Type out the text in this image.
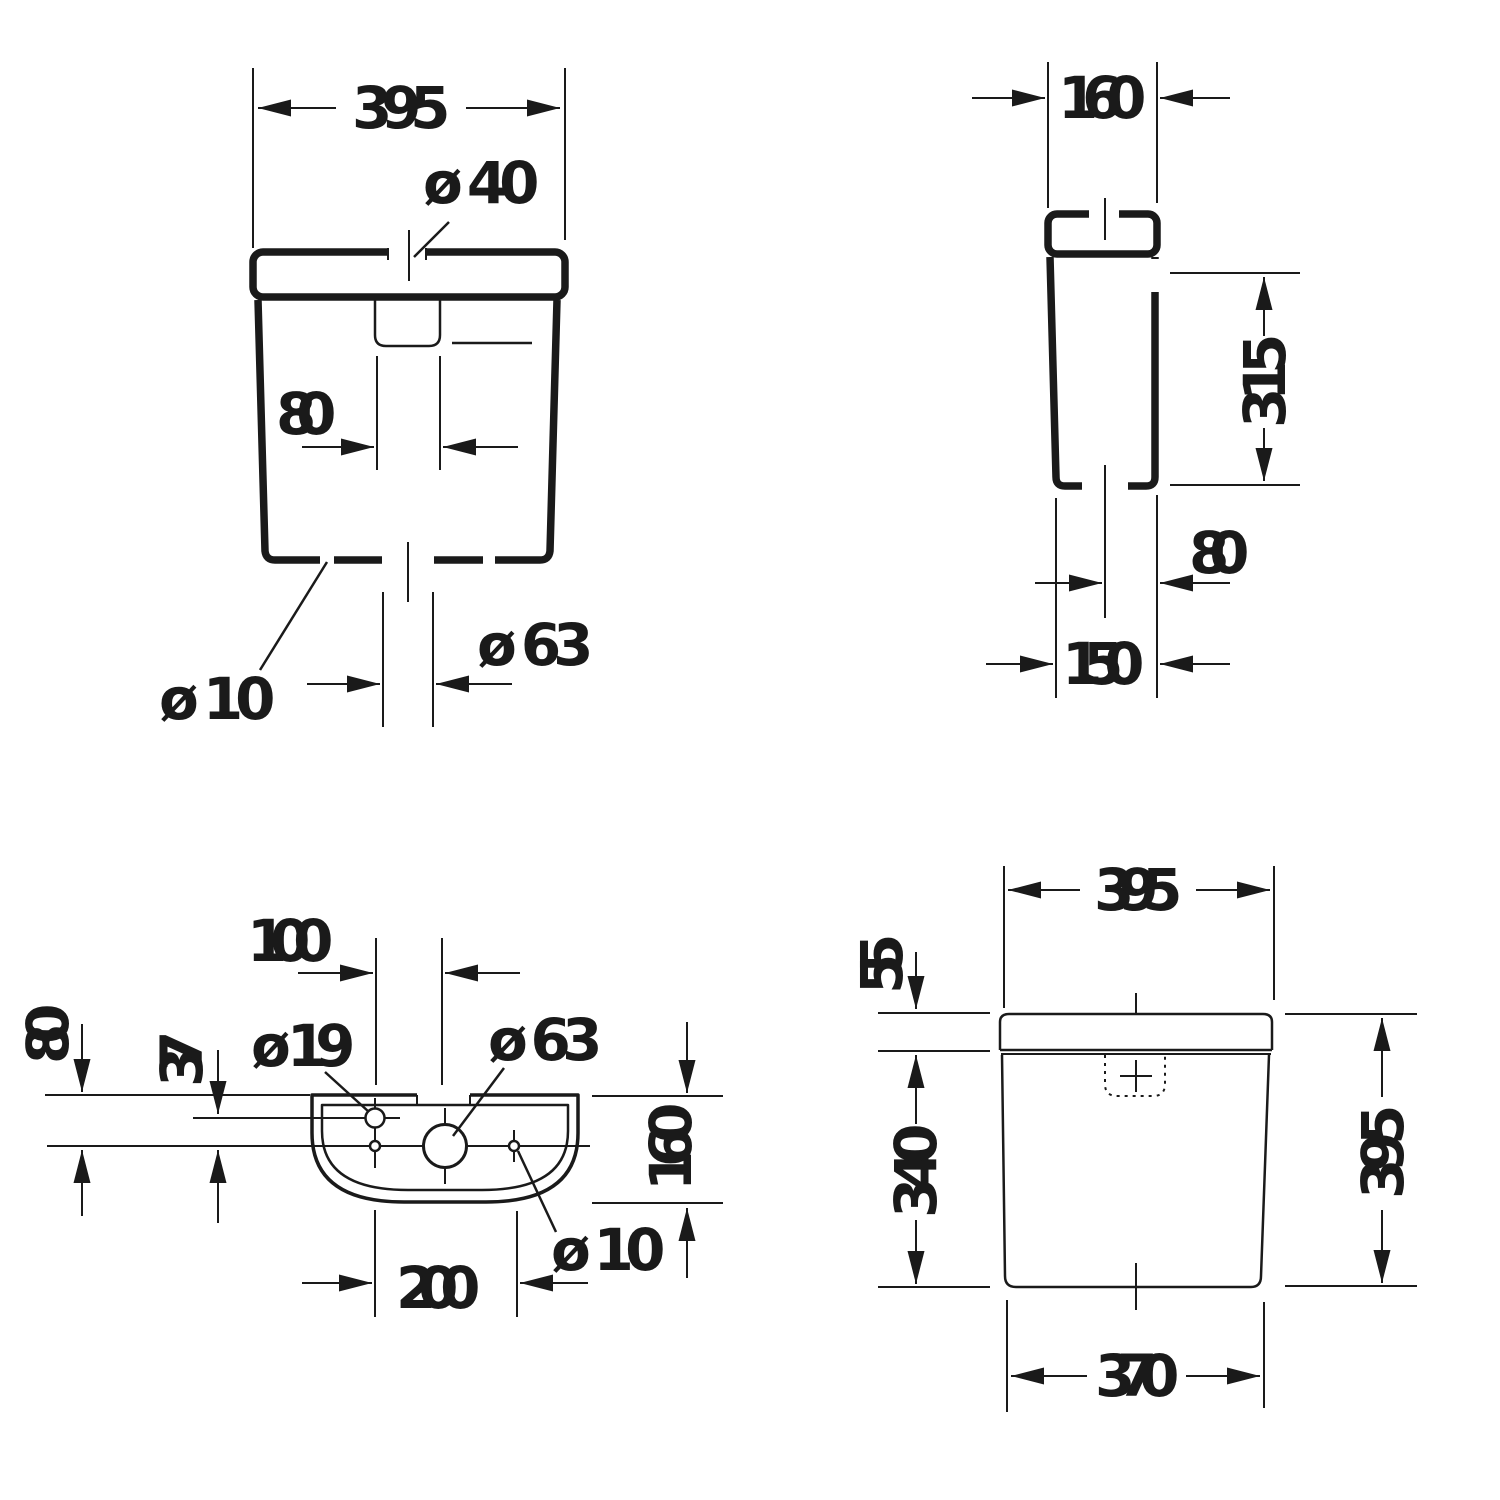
395
ø 40
80
ø 63
ø 10
160
315
80
150
100
80
37 ø 19 ø 63
160
ø 10
200
395
55
340
395
370
